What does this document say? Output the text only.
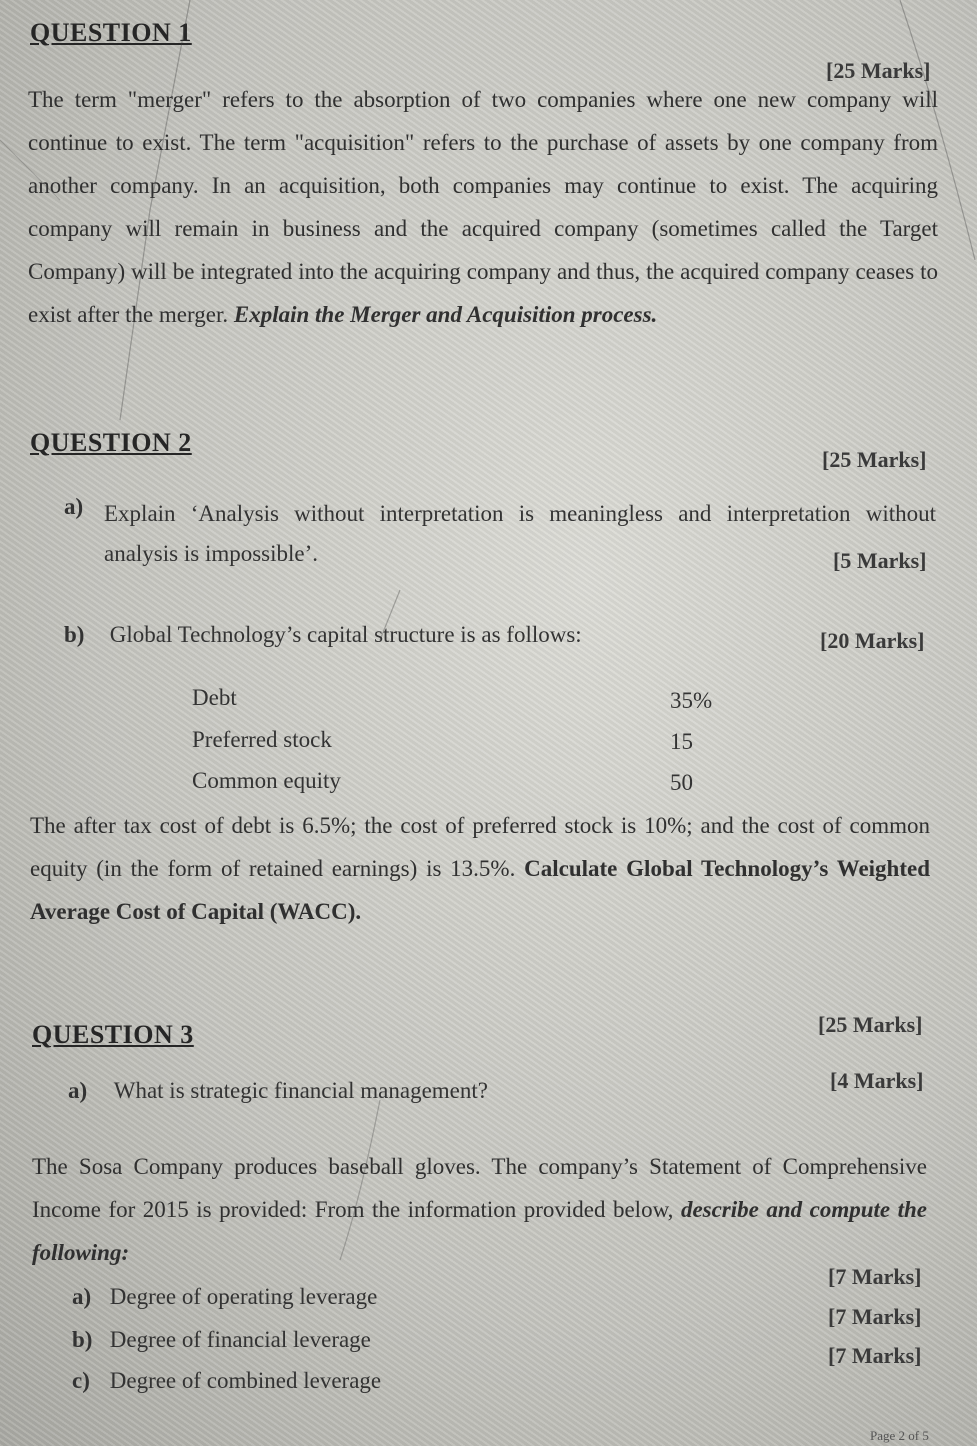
QUESTION 1
[25 Marks]
The term "merger" refers to the absorption of two companies where one new company will continue to exist. The term "acquisition" refers to the purchase of assets by one company from another company. In an acquisition, both companies may continue to exist. The acquiring company will remain in business and the acquired company (sometimes called the Target Company) will be integrated into the acquiring company and thus, the acquired company ceases to exist after the merger. Explain the Merger and Acquisition process.
QUESTION 2
[25 Marks]
a) Explain ‘Analysis without interpretation is meaningless and interpretation without analysis is impossible’.	[5 Marks]
b) Global Technology’s capital structure is as follows:	[20 Marks]
Debt	35%
Preferred stock	15
Common equity	50
The after tax cost of debt is 6.5%; the cost of preferred stock is 10%; and the cost of common equity (in the form of retained earnings) is 13.5%. Calculate Global Technology’s Weighted Average Cost of Capital (WACC).
QUESTION 3	[25 Marks]
a) What is strategic financial management?	[4 Marks]
The Sosa Company produces baseball gloves. The company’s Statement of Comprehensive Income for 2015 is provided: From the information provided below, describe and compute the following:
a) Degree of operating leverage
[7 Marks]
b) Degree of financial leverage
[7 Marks]
c) Degree of combined leverage
[7 Marks]
Page 2 of 5
